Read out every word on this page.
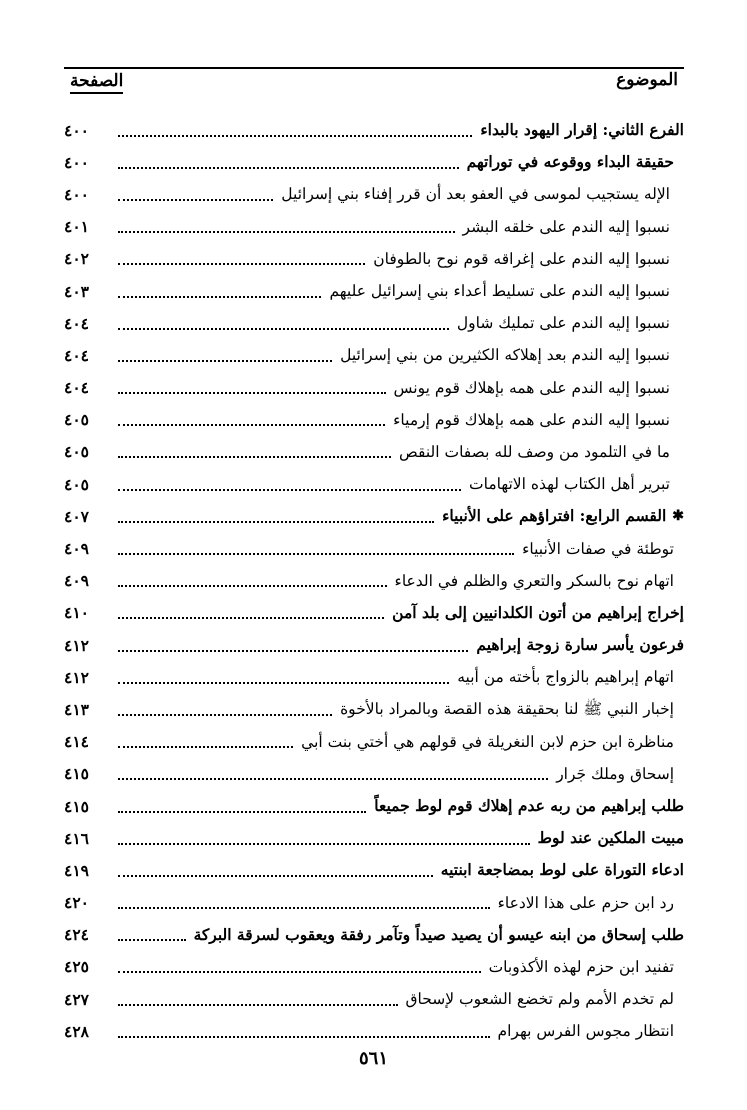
الموضوع
الصفحة
الفرع الثاني: إقرار اليهود بالبداء
٤٠٠
حقيقة البداء ووقوعه في توراتهم
٤٠٠
الإله يستجيب لموسى في العفو بعد أن قرر إفناء بني إسرائيل
٤٠٠
نسبوا إليه الندم على خلقه البشر
٤٠١
نسبوا إليه الندم على إغراقه قوم نوح بالطوفان
٤٠٢
نسبوا إليه الندم على تسليط أعداء بني إسرائيل عليهم
٤٠٣
نسبوا إليه الندم على تمليك شاول
٤٠٤
نسبوا إليه الندم بعد إهلاكه الكثيرين من بني إسرائيل
٤٠٤
نسبوا إليه الندم على همه بإهلاك قوم يونس
٤٠٤
نسبوا إليه الندم على همه بإهلاك قوم إرمياء
٤٠٥
ما في التلمود من وصف لله بصفات النقص
٤٠٥
تبرير أهل الكتاب لهذه الاتهامات
٤٠٥
✱
القسم الرابع: افتراؤهم على الأنبياء
٤٠٧
توطئة في صفات الأنبياء
٤٠٩
اتهام نوح بالسكر والتعري والظلم في الدعاء
٤٠٩
إخراج إبراهيم من أتون الكلدانيين إلى بلد آمن
٤١٠
فرعون يأسر سارة زوجة إبراهيم
٤١٢
اتهام إبراهيم بالزواج بأخته من أبيه
٤١٢
إخبار النبي ﷺ لنا بحقيقة هذه القصة وبالمراد بالأخوة
٤١٣
مناظرة ابن حزم لابن النغريلة في قولهم هي أختي بنت أبي
٤١٤
إسحاق وملك جَرار
٤١٥
طلب إبراهيم من ربه عدم إهلاك قوم لوط جميعاً
٤١٥
مبيت الملكين عند لوط
٤١٦
ادعاء التوراة على لوط بمضاجعة ابنتيه
٤١٩
رد ابن حزم على هذا الادعاء
٤٢٠
طلب إسحاق من ابنه عيسو أن يصيد صيداً وتآمر رفقة ويعقوب لسرقة البركة
٤٢٤
تفنيد ابن حزم لهذه الأكذوبات
٤٢٥
لم تخدم الأمم ولم تخضع الشعوب لإسحاق
٤٢٧
انتظار مجوس الفرس بهرام
٤٢٨
٥٦١
